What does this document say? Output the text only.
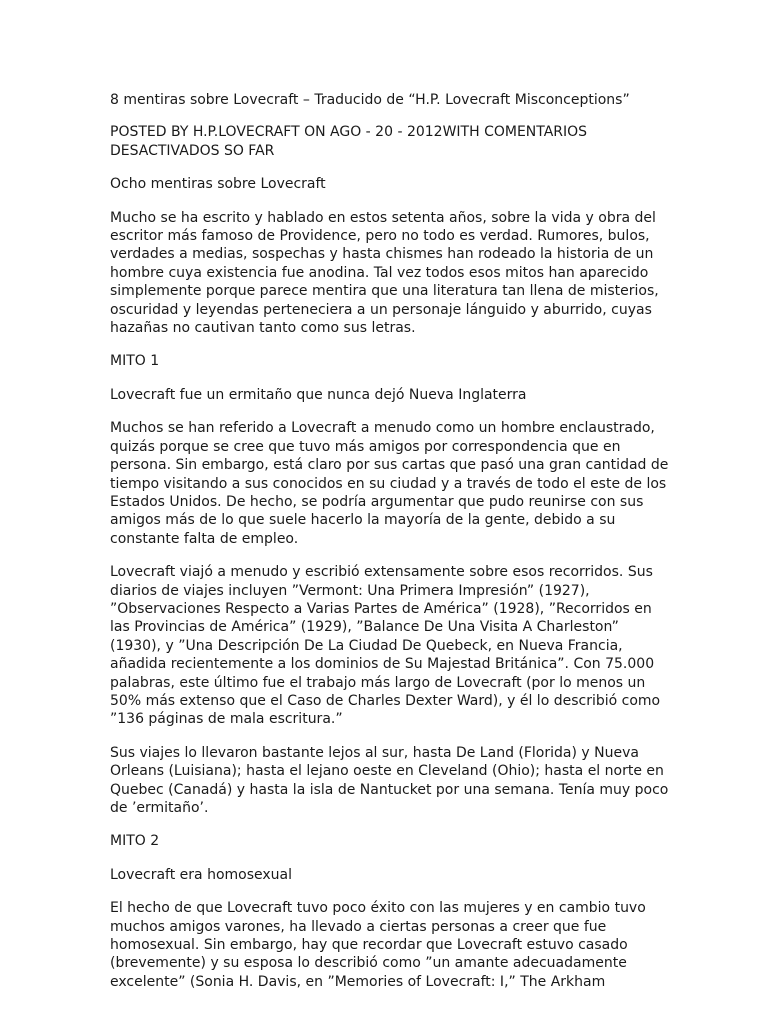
8 mentiras sobre Lovecraft – Traducido de “H.P. Lovecraft Misconceptions”

POSTED BY H.P.LOVECRAFT ON AGO - 20 - 2012WITH COMENTARIOS DESACTIVADOS SO FAR

Ocho mentiras sobre Lovecraft

Mucho se ha escrito y hablado en estos setenta años, sobre la vida y obra del escritor más famoso de Providence, pero no todo es verdad. Rumores, bulos, verdades a medias, sospechas y hasta chismes han rodeado la historia de un hombre cuya existencia fue anodina. Tal vez todos esos mitos han aparecido simplemente porque parece mentira que una literatura tan llena de misterios, oscuridad y leyendas perteneciera a un personaje lánguido y aburrido, cuyas hazañas no cautivan tanto como sus letras.

MITO 1

Lovecraft fue un ermitaño que nunca dejó Nueva Inglaterra

Muchos se han referido a Lovecraft a menudo como un hombre enclaustrado, quizás porque se cree que tuvo más amigos por correspondencia que en persona. Sin embargo, está claro por sus cartas que pasó una gran cantidad de tiempo visitando a sus conocidos en su ciudad y a través de todo el este de los Estados Unidos. De hecho, se podría argumentar que pudo reunirse con sus amigos más de lo que suele hacerlo la mayoría de la gente, debido a su constante falta de empleo.

Lovecraft viajó a menudo y escribió extensamente sobre esos recorridos. Sus diarios de viajes incluyen ”Vermont: Una Primera Impresión” (1927), ”Observaciones Respecto a Varias Partes de América” (1928), ”Recorridos en las Provincias de América” (1929), ”Balance De Una Visita A Charleston” (1930), y ”Una Descripción De La Ciudad De Quebeck, en Nueva Francia, añadida recientemente a los dominios de Su Majestad Británica”. Con 75.000 palabras, este último fue el trabajo más largo de Lovecraft (por lo menos un 50% más extenso que el Caso de Charles Dexter Ward), y él lo describió como ”136 páginas de mala escritura.”

Sus viajes lo llevaron bastante lejos al sur, hasta De Land (Florida) y Nueva Orleans (Luisiana); hasta el lejano oeste en Cleveland (Ohio); hasta el norte en Quebec (Canadá) y hasta la isla de Nantucket por una semana. Tenía muy poco de ’ermitaño’.

MITO 2

Lovecraft era homosexual

El hecho de que Lovecraft tuvo poco éxito con las mujeres y en cambio tuvo muchos amigos varones, ha llevado a ciertas personas a creer que fue homosexual. Sin embargo, hay que recordar que Lovecraft estuvo casado (brevemente) y su esposa lo describió como ”un amante adecuadamente excelente” (Sonia H. Davis, en ”Memories of Lovecraft: I,” The Arkham
